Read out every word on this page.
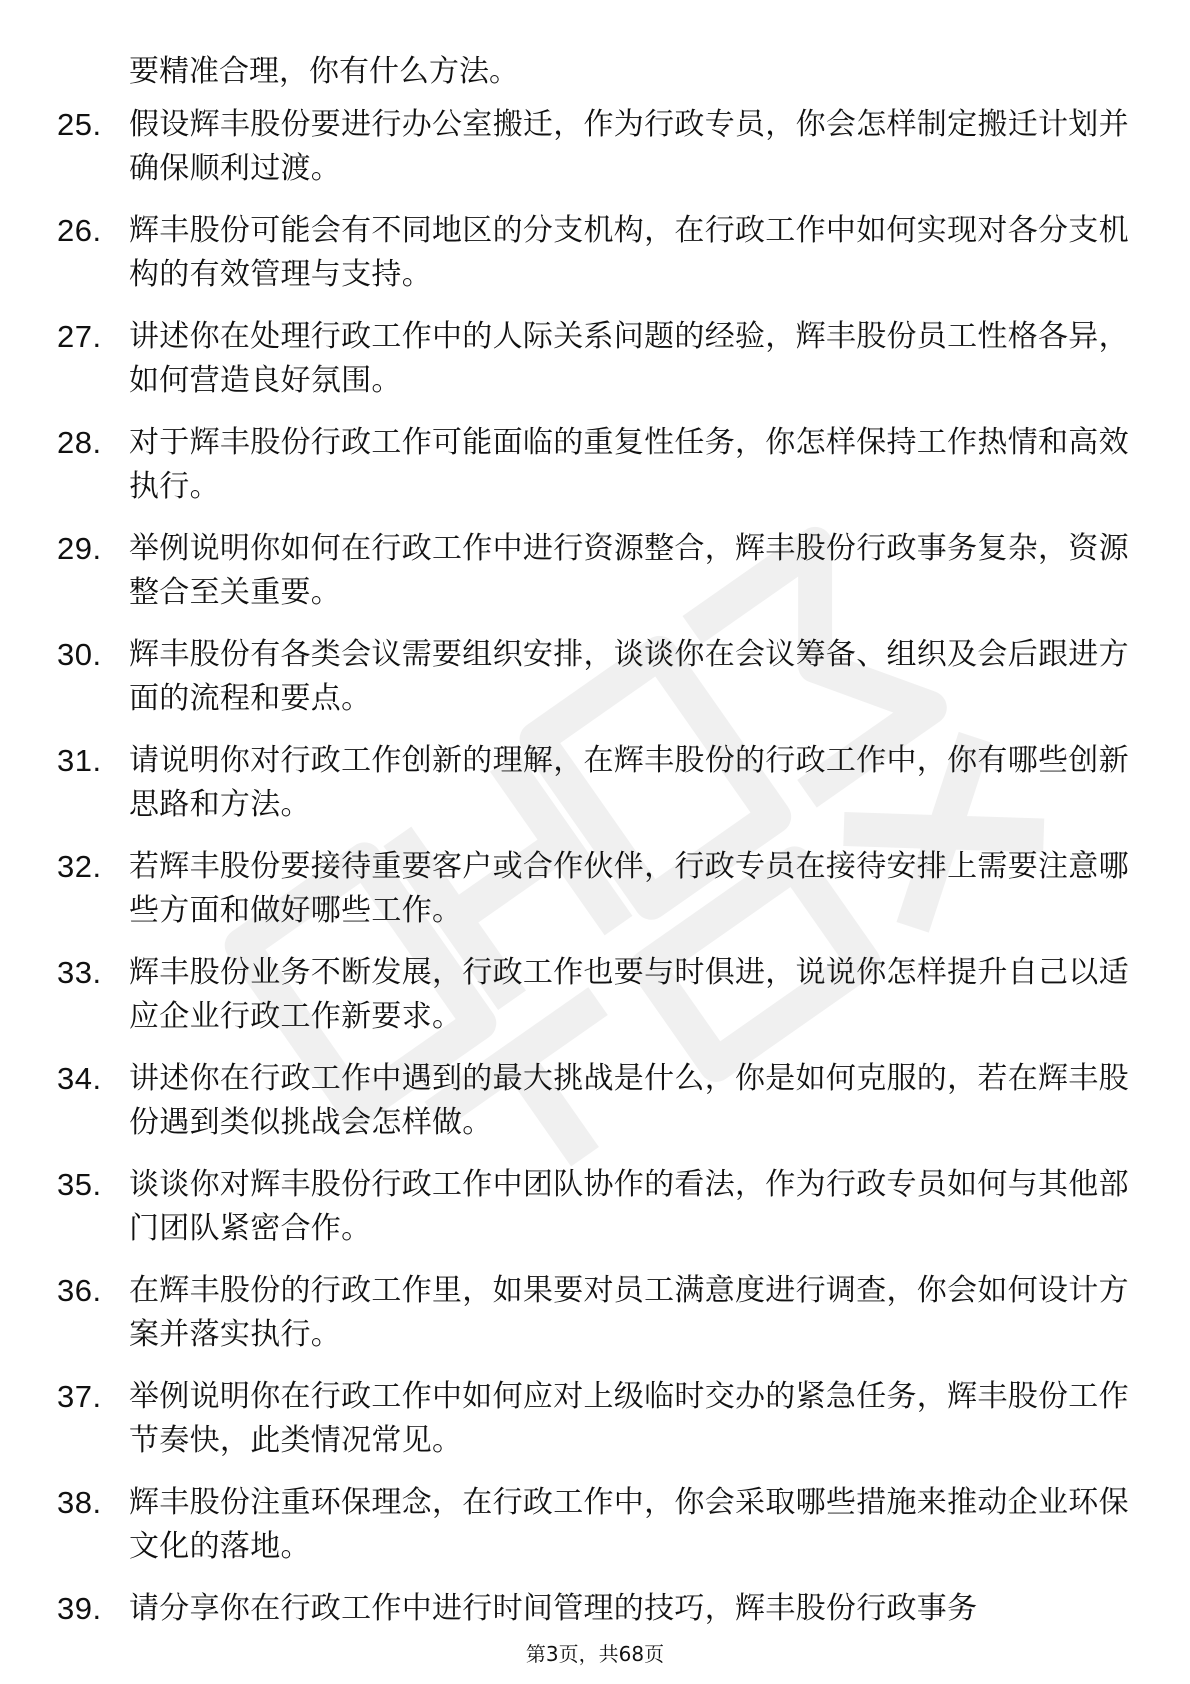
要精准合理，你有什么方法。
25. 假设辉丰股份要进行办公室搬迁，作为行政专员，你会怎样制定搬迁计划并确保顺利过渡。
26. 辉丰股份可能会有不同地区的分支机构，在行政工作中如何实现对各分支机构的有效管理与支持。
27. 讲述你在处理行政工作中的人际关系问题的经验，辉丰股份员工性格各异，如何营造良好氛围。
28. 对于辉丰股份行政工作可能面临的重复性任务，你怎样保持工作热情和高效执行。
29. 举例说明你如何在行政工作中进行资源整合，辉丰股份行政事务复杂，资源整合至关重要。
30. 辉丰股份有各类会议需要组织安排，谈谈你在会议筹备、组织及会后跟进方面的流程和要点。
31. 请说明你对行政工作创新的理解，在辉丰股份的行政工作中，你有哪些创新思路和方法。
32. 若辉丰股份要接待重要客户或合作伙伴，行政专员在接待安排上需要注意哪些方面和做好哪些工作。
33. 辉丰股份业务不断发展，行政工作也要与时俱进，说说你怎样提升自己以适应企业行政工作新要求。
34. 讲述你在行政工作中遇到的最大挑战是什么，你是如何克服的，若在辉丰股份遇到类似挑战会怎样做。
35. 谈谈你对辉丰股份行政工作中团队协作的看法，作为行政专员如何与其他部门团队紧密合作。
36. 在辉丰股份的行政工作里，如果要对员工满意度进行调查，你会如何设计方案并落实执行。
37. 举例说明你在行政工作中如何应对上级临时交办的紧急任务，辉丰股份工作节奏快，此类情况常见。
38. 辉丰股份注重环保理念，在行政工作中，你会采取哪些措施来推动企业环保文化的落地。
39. 请分享你在行政工作中进行时间管理的技巧，辉丰股份行政事务
第3页，共68页
